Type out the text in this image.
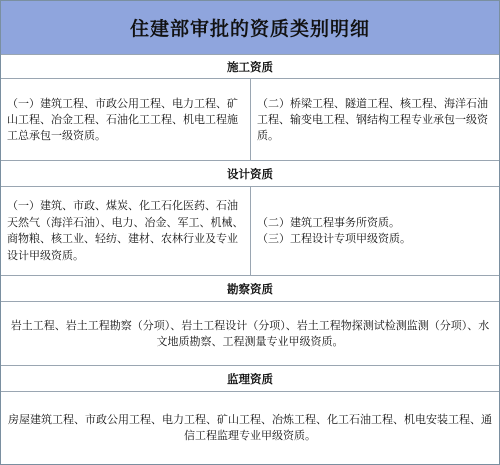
住建部审批的资质类别明细
施工资质
（一）建筑工程、市政公用工程、电力工程、矿山工程、冶金工程、石油化工工程、机电工程施工总承包一级资质。
（二）桥梁工程、隧道工程、核工程、海洋石油工程、输变电工程、钢结构工程专业承包一级资质。
设计资质
（一）建筑、市政、煤炭、化工石化医药、石油天然气（海洋石油）、电力、冶金、军工、机械、商物粮、核工业、轻纺、建材、农林行业及专业设计甲级资质。
（二）建筑工程事务所资质。
（三）工程设计专项甲级资质。
勘察资质
岩土工程、岩土工程勘察（分项）、岩土工程设计（分项）、岩土工程物探测试检测监测（分项）、水文地质勘察、工程测量专业甲级资质。
监理资质
房屋建筑工程、市政公用工程、电力工程、矿山工程、冶炼工程、化工石油工程、机电安装工程、通信工程监理专业甲级资质。
